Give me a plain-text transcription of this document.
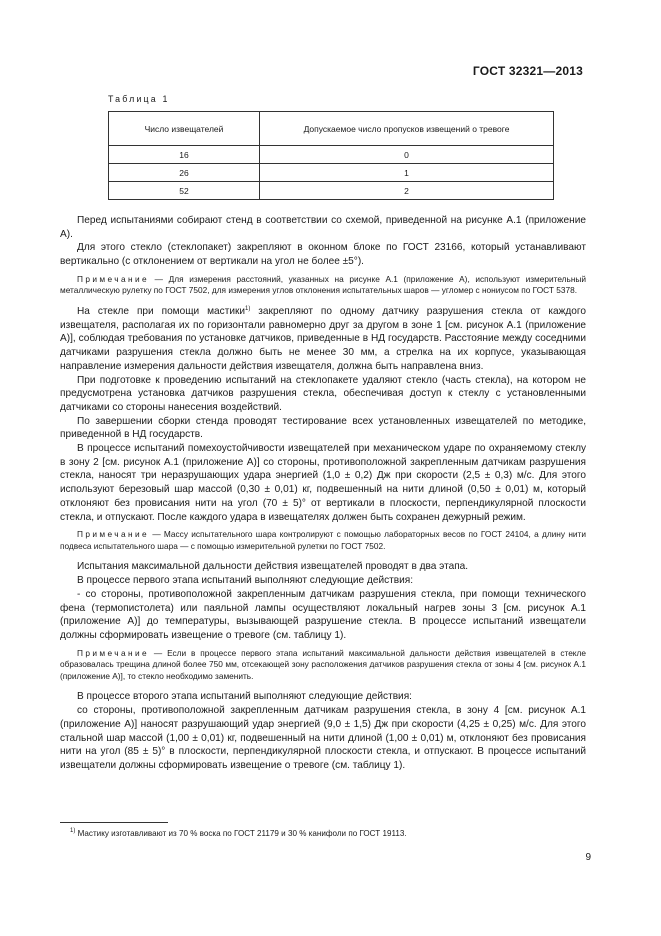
ГОСТ 32321—2013
Таблица 1
Число извещателей	Допускаемое число пропусков извещений о тревоге
16	0
26	1
52	2

Перед испытаниями собирают стенд в соответствии со схемой, приведенной на рисунке А.1 (приложение А).

Для этого стекло (стеклопакет) закрепляют в оконном блоке по ГОСТ 23166, который устанавливают вертикально (с отклонением от вертикали на угол не более ±5°).

Примечание — Для измерения расстояний, указанных на рисунке А.1 (приложение А), используют измерительный металлическую рулетку по ГОСТ 7502, для измерения углов отклонения испытательных шаров — угломер с нониусом по ГОСТ 5378.

На стекле при помощи мастики$^{1)}$ закрепляют по одному датчику разрушения стекла от каждого извещателя, располагая их по горизонтали равномерно друг за другом в зоне 1 [см. рисунок А.1 (приложение А)], соблюдая требования по установке датчиков, приведенные в НД государств. Расстояние между соседними датчиками разрушения стекла должно быть не менее 30 мм, а стрелка на их корпусе, указывающая направление измерения дальности действия извещателя, должна быть направлена вниз.

При подготовке к проведению испытаний на стеклопакете удаляют стекло (часть стекла), на котором не предусмотрена установка датчиков разрушения стекла, обеспечивая доступ к стеклу с установленными датчиками со стороны нанесения воздействий.

По завершении сборки стенда проводят тестирование всех установленных извещателей по методике, приведенной в НД государств.

В процессе испытаний помехоустойчивости извещателей при механическом ударе по охраняемому стеклу в зону 2 [см. рисунок А.1 (приложение А)] со стороны, противоположной закрепленным датчикам разрушения стекла, наносят три неразрушающих удара энергией (1,0 ± 0,2) Дж при скорости (2,5 ± 0,3) м/с. Для этого используют березовый шар массой (0,30 ± 0,01) кг, подвешенный на нити длиной (0,50 ± 0,01) м, который отклоняют без провисания нити на угол (70 ± 5)° от вертикали в плоскости, перпендикулярной плоскости стекла, и отпускают. После каждого удара в извещателях должен быть сохранен дежурный режим.

Примечание — Массу испытательного шара контролируют с помощью лабораторных весов по ГОСТ 24104, а длину нити подвеса испытательного шара — с помощью измерительной рулетки по ГОСТ 7502.

Испытания максимальной дальности действия извещателей проводят в два этапа.

В процессе первого этапа испытаний выполняют следующие действия:

- со стороны, противоположной закрепленным датчикам разрушения стекла, при помощи технического фена (термопистолета) или паяльной лампы осуществляют локальный нагрев зоны 3 [см. рисунок А.1 (приложение А)] до температуры, вызывающей разрушение стекла. В процессе испытаний извещатели должны сформировать извещение о тревоге (см. таблицу 1).

Примечание — Если в процессе первого этапа испытаний максимальной дальности действия извещателей в стекле образовалась трещина длиной более 750 мм, отсекающей зону расположения датчиков разрушения стекла от зоны 4 [см. рисунок А.1 (приложение А)], то стекло необходимо заменить.

В процессе второго этапа испытаний выполняют следующие действия:

со стороны, противоположной закрепленным датчикам разрушения стекла, в зону 4 [см. рисунок А.1 (приложение А)] наносят разрушающий удар энергией (9,0 ± 1,5) Дж при скорости (4,25 ± 0,25) м/с. Для этого стальной шар массой (1,00 ± 0,01) кг, подвешенный на нити длиной (1,00 ± 0,01) м, отклоняют без провисания нити на угол (85 ± 5)° в плоскости, перпендикулярной плоскости стекла, и отпускают. В процессе испытаний извещатели должны сформировать извещение о тревоге (см. таблицу 1).

$^{1)}$ Мастику изготавливают из 70 % воска по ГОСТ 21179 и 30 % канифоли по ГОСТ 19113.
9
